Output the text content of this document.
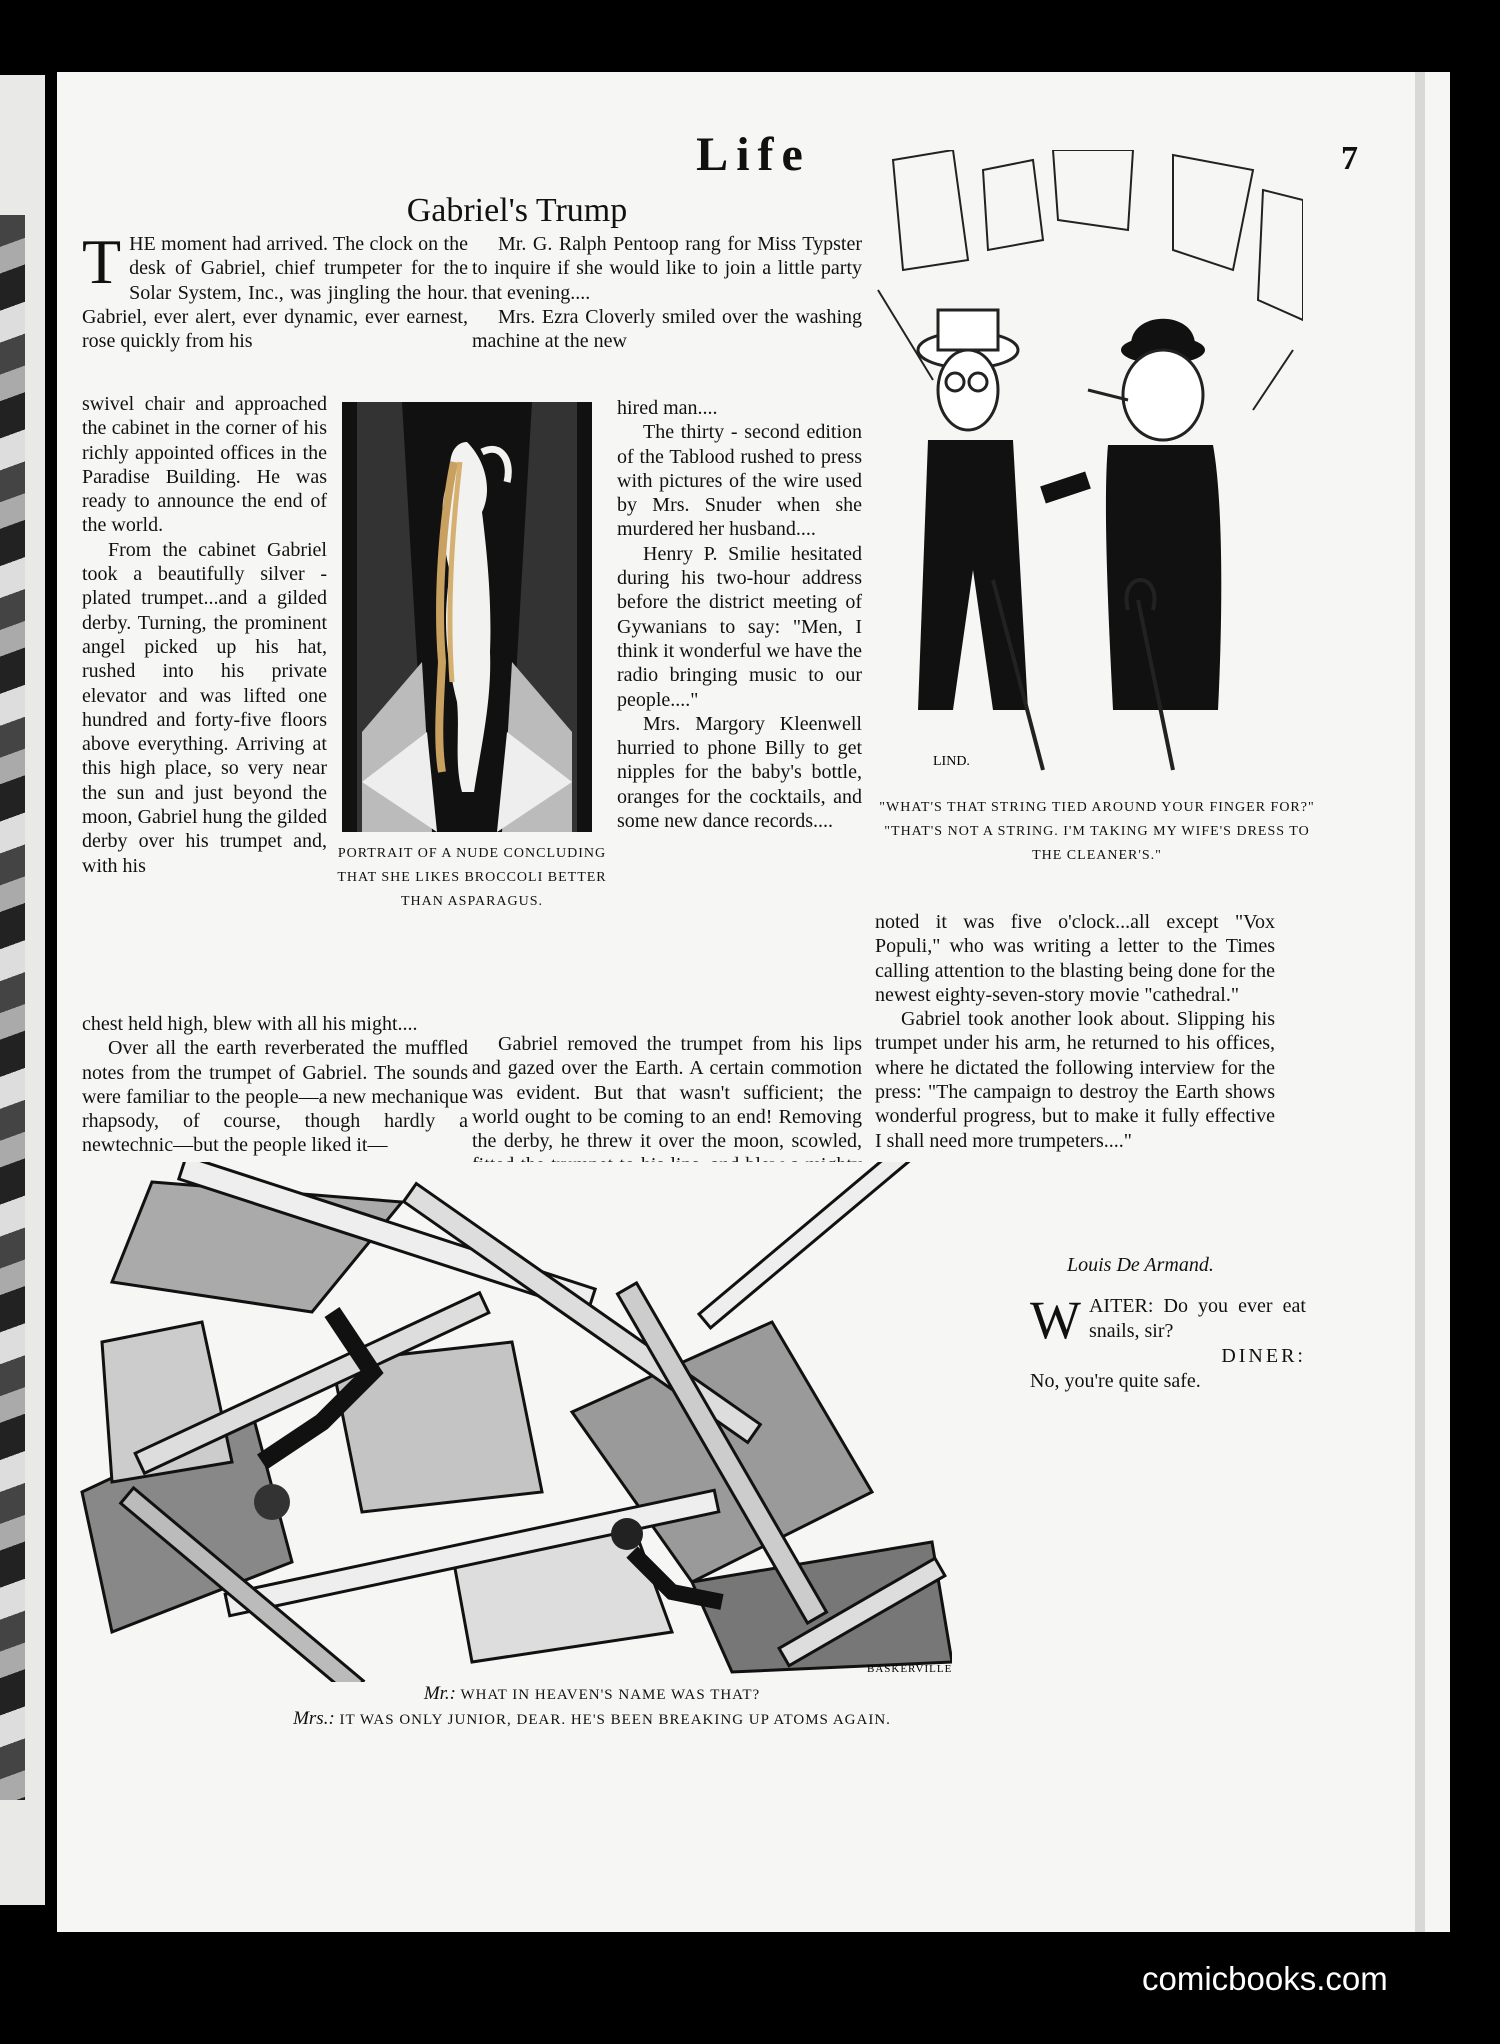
Life	7
Gabriel's Trump

THE moment had arrived. The clock on the desk of Gabriel, chief trumpeter for the Solar System, Inc., was jingling the hour. Gabriel, ever alert, ever dynamic, ever earnest, rose quickly from his

swivel chair and approached the cabinet in the corner of his richly appointed offices in the Paradise Building. He was ready to announce the end of the world.

From the cabinet Gabriel took a beautifully silver - plated trumpet...and a gilded derby. Turning, the prominent angel picked up his hat, rushed into his private elevator and was lifted one hundred and forty-five floors above everything. Arriving at this high place, so very near the sun and just beyond the moon, Gabriel hung the gilded derby over his trumpet and, with his

chest held high, blew with all his might....

Over all the earth reverberated the muffled notes from the trumpet of Gabriel. The sounds were familiar to the people—a new mechanique rhapsody, of course, though hardly a newtechnic—but the people liked it—

Mr. G. Ralph Pentoop rang for Miss Typster to inquire if she would like to join a little party that evening....

Mrs. Ezra Cloverly smiled over the washing machine at the new

hired man....

The thirty - second edition of the Tablood rushed to press with pictures of the wire used by Mrs. Snuder when she murdered her husband....

Henry P. Smilie hesitated during his two-hour address before the district meeting of Gywanians to say: "Men, I think it wonderful we have the radio bringing music to our people...."

Mrs. Margory Kleenwell hurried to phone Billy to get nipples for the baby's bottle, oranges for the cocktails, and some new dance records....

Gabriel removed the trumpet from his lips and gazed over the Earth. A certain commotion was evident. But that wasn't sufficient; the world ought to be coming to an end! Removing the derby, he threw it over the moon, scowled,

noted it was five o'clock...all except "Vox Populi," who was writing a letter to the Times calling attention to the blasting being done for the newest eighty-seven-story movie "cathedral."

Gabriel took another look about. Slipping his trumpet under his arm, he returned to his offices, where he dictated the following interview for the press: "The campaign to destroy the Earth shows wonderful progress, but to make it fully effective I shall need more trumpeters...."

Louis De Armand.

WAITER: Do you ever eat snails, sir?

DINER:

No, you're quite safe.

LIND.
BASKERVILLE
PORTRAIT OF A NUDE CONCLUDING THAT SHE LIKES BROCCOLI BETTER THAN ASPARAGUS.
"WHAT'S THAT STRING TIED AROUND YOUR FINGER FOR?"
"THAT'S NOT A STRING. I'M TAKING MY WIFE'S DRESS TO THE CLEANER'S."
Mr.: WHAT IN HEAVEN'S NAME WAS THAT?
Mrs.: IT WAS ONLY JUNIOR, DEAR. HE'S BEEN BREAKING UP ATOMS AGAIN.
comicbooks.com
